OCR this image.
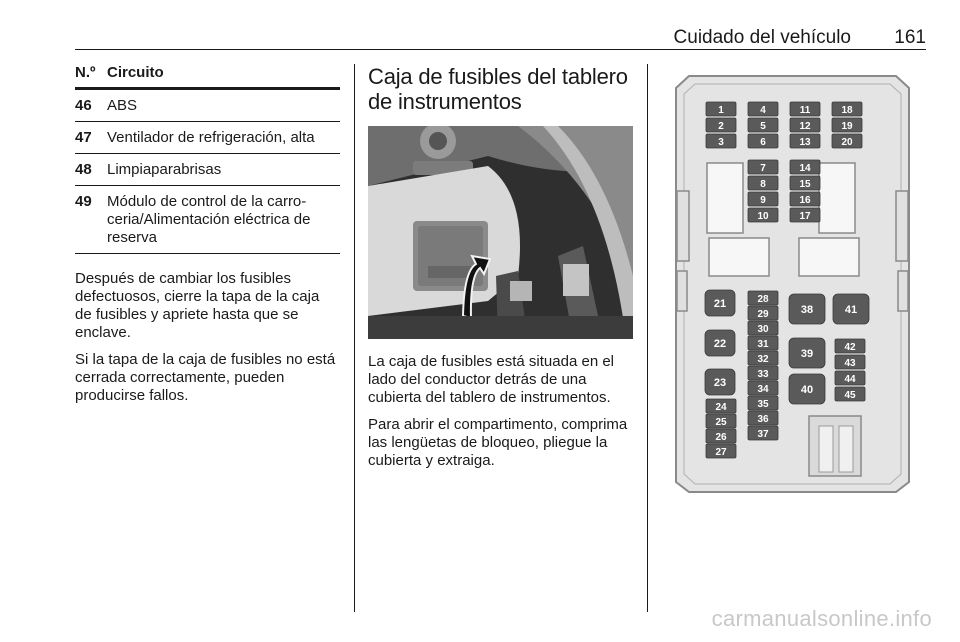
Cuidado del vehículo 161
N.º Circuito
46	ABS
47	Ventilador de refrigeración, alta
48	Limpiaparabrisas
49	Módulo de control de la carro-ceria/Alimentación eléctrica de reserva

Después de cambiar los fusibles defectuosos, cierre la tapa de la caja de fusibles y apriete hasta que se enclave.

Si la tapa de la caja de fusibles no está cerrada correctamente, pueden producirse fallos.

Caja de fusibles del tablero de instrumentos

La caja de fusibles está situada en el lado del conductor detrás de una cubierta del tablero de instrumentos.

Para abrir el compartimento, comprima las lengüetas de bloqueo, pliegue la cubierta y extraiga.

1
2
3
4
5
6
7
8
9
10
11
12
13
14
15
16
17
18
19
20
21
22
23
24
25
26
27
28
29
30
31
32
33
34
35
36
37
38
39
40
41
42
43
44
45
carmanualsonline.info
